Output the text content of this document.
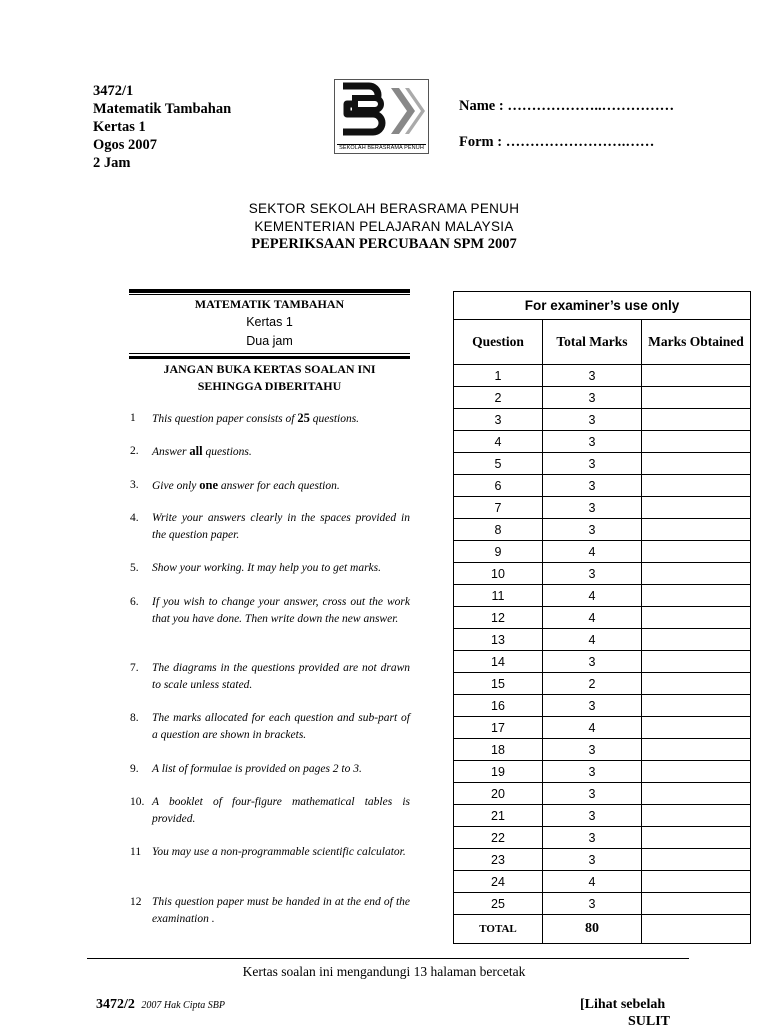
3472/1
Matematik Tambahan
Kertas 1
Ogos 2007
2 Jam
SEKOLAH BERASRAMA PENUH
Name : ………………..……………
Form : …………………….……
SEKTOR SEKOLAH BERASRAMA PENUH
KEMENTERIAN PELAJARAN MALAYSIA
PEPERIKSAAN PERCUBAAN SPM 2007
MATEMATIK TAMBAHAN
Kertas 1
Dua jam
JANGAN BUKA KERTAS SOALAN INI
SEHINGGA DIBERITAHU
1	This question paper consists of 25 questions.
2.	Answer all questions.
3.	Give only one answer for each question.
4.	Write your answers clearly in the spaces provided in the question paper.
5.	Show your working. It may help you to get marks.
6.	If you wish to change your answer, cross out the work that you have done. Then write down the new answer.
7.	The diagrams in the questions provided are not drawn to scale unless stated.
8.	The marks allocated for each question and sub-part of a question are shown in brackets.
9.	A list of formulae is provided on pages 2 to 3.
10. A booklet of four-figure mathematical tables is provided.
11 You may use a non-programmable scientific calculator.
12 This question paper must be handed in at the end of the examination .
For examiner’s use only		
Question	Total Marks	Marks Obtained
1	3	
2	3	
3	3	
4	3	
5	3	
6	3	
7	3	
8	3	
9	4	
10	3	
11	4	
12	4	
13	4	
14	3	
15	2	
16	3	
17	4	
18	3	
19	3	
20	3	
21	3	
22	3	
23	3	
24	4	
25	3	
TOTAL	80	
Kertas soalan ini mengandungi 13 halaman bercetak
3472/2 2007 Hak Cipta SBP	[Lihat sebelah
SULIT
